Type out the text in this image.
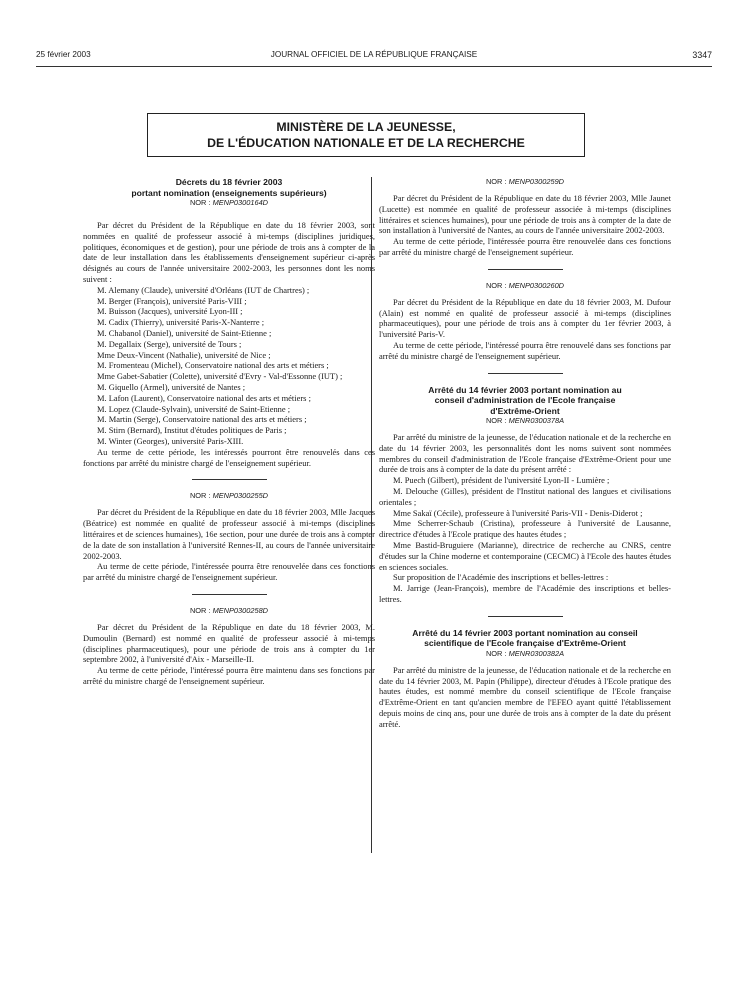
25 février 2003	JOURNAL OFFICIEL DE LA RÉPUBLIQUE FRANÇAISE	3347
MINISTÈRE DE LA JEUNESSE,
DE L'ÉDUCATION NATIONALE ET DE LA RECHERCHE
Décrets du 18 février 2003
portant nomination (enseignements supérieurs)
NOR : MENP0300164D

Par décret du Président de la République en date du 18 février 2003, sont nommées en qualité de professeur associé à mi-temps (disciplines juridiques, politiques, économiques et de gestion), pour une période de trois ans à compter de la date de leur installation dans les établissements d'enseignement supérieur ci-après désignés au cours de l'année universitaire 2002-2003, les personnes dont les noms suivent :

M. Alemany (Claude), université d'Orléans (IUT de Chartres) ;

M. Berger (François), université Paris-VIII ;

M. Buisson (Jacques), université Lyon-III ;

M. Cadix (Thierry), université Paris-X-Nanterre ;

M. Chabanol (Daniel), université de Saint-Etienne ;

M. Degallaix (Serge), université de Tours ;

Mme Deux-Vincent (Nathalie), université de Nice ;

M. Fromenteau (Michel), Conservatoire national des arts et métiers ;

Mme Gabet-Sabatier (Colette), université d'Evry - Val-d'Essonne (IUT) ;

M. Giquello (Armel), université de Nantes ;

M. Lafon (Laurent), Conservatoire national des arts et métiers ;

M. Lopez (Claude-Sylvain), université de Saint-Etienne ;

M. Martin (Serge), Conservatoire national des arts et métiers ;

M. Stirn (Bernard), Institut d'études politiques de Paris ;

M. Winter (Georges), université Paris-XIII.

Au terme de cette période, les intéressés pourront être renouvelés dans ces fonctions par arrêté du ministre chargé de l'enseignement supérieur.

NOR : MENP0300255D

Par décret du Président de la République en date du 18 février 2003, Mlle Jacques (Béatrice) est nommée en qualité de professeur associé à mi-temps (disciplines littéraires et de sciences humaines), 16e section, pour une durée de trois ans à compter de la date de son installation à l'université Rennes-II, au cours de l'année universitaire 2002-2003.

Au terme de cette période, l'intéressée pourra être renouvelée dans ces fonctions par arrêté du ministre chargé de l'enseignement supérieur.

NOR : MENP0300258D

Par décret du Président de la République en date du 18 février 2003, M. Dumoulin (Bernard) est nommé en qualité de professeur associé à mi-temps (disciplines pharmaceutiques), pour une période de trois ans à compter du 1er septembre 2002, à l'université d'Aix - Marseille-II.

Au terme de cette période, l'intéressé pourra être maintenu dans ses fonctions par arrêté du ministre chargé de l'enseignement supérieur.

NOR : MENP0300259D

Par décret du Président de la République en date du 18 février 2003, Mlle Jaunet (Lucette) est nommée en qualité de professeur associée à mi-temps (disciplines littéraires et sciences humaines), pour une période de trois ans à compter de la date de son installation à l'université de Nantes, au cours de l'année universitaire 2002-2003.

Au terme de cette période, l'intéressée pourra être renouvelée dans ces fonctions par arrêté du ministre chargé de l'enseignement supérieur.

NOR : MENP0300260D

Par décret du Président de la République en date du 18 février 2003, M. Dufour (Alain) est nommé en qualité de professeur associé à mi-temps (disciplines pharmaceutiques), pour une période de trois ans à compter du 1er février 2003, à l'université Paris-V.

Au terme de cette période, l'intéressé pourra être renouvelé dans ses fonctions par arrêté du ministre chargé de l'enseignement supérieur.

Arrêté du 14 février 2003 portant nomination au
conseil d'administration de l'Ecole française
d'Extrême-Orient
NOR : MENR0300378A

Par arrêté du ministre de la jeunesse, de l'éducation nationale et de la recherche en date du 14 février 2003, les personnalités dont les noms suivent sont nommées membres du conseil d'administration de l'Ecole française d'Extrême-Orient pour une durée de trois ans à compter de la date du présent arrêté :

M. Puech (Gilbert), président de l'université Lyon-II - Lumière ;

M. Delouche (Gilles), président de l'Institut national des langues et civilisations orientales ;

Mme Sakaï (Cécile), professeure à l'université Paris-VII - Denis-Diderot ;

Mme Scherrer-Schaub (Cristina), professeure à l'université de Lausanne, directrice d'études à l'Ecole pratique des hautes études ;

Mme Bastid-Bruguiere (Marianne), directrice de recherche au CNRS, centre d'études sur la Chine moderne et contemporaine (CECMC) à l'Ecole des hautes études en sciences sociales.

Sur proposition de l'Académie des inscriptions et belles-lettres :

M. Jarrige (Jean-François), membre de l'Académie des inscriptions et belles-lettres.

Arrêté du 14 février 2003 portant nomination au conseil
scientifique de l'Ecole française d'Extrême-Orient
NOR : MENR0300382A

Par arrêté du ministre de la jeunesse, de l'éducation nationale et de la recherche en date du 14 février 2003, M. Papin (Philippe), directeur d'études à l'Ecole pratique des hautes études, est nommé membre du conseil scientifique de l'Ecole française d'Extrême-Orient en tant qu'ancien membre de l'EFEO ayant quitté l'établissement depuis moins de cinq ans, pour une durée de trois ans à compter de la date du présent arrêté.
